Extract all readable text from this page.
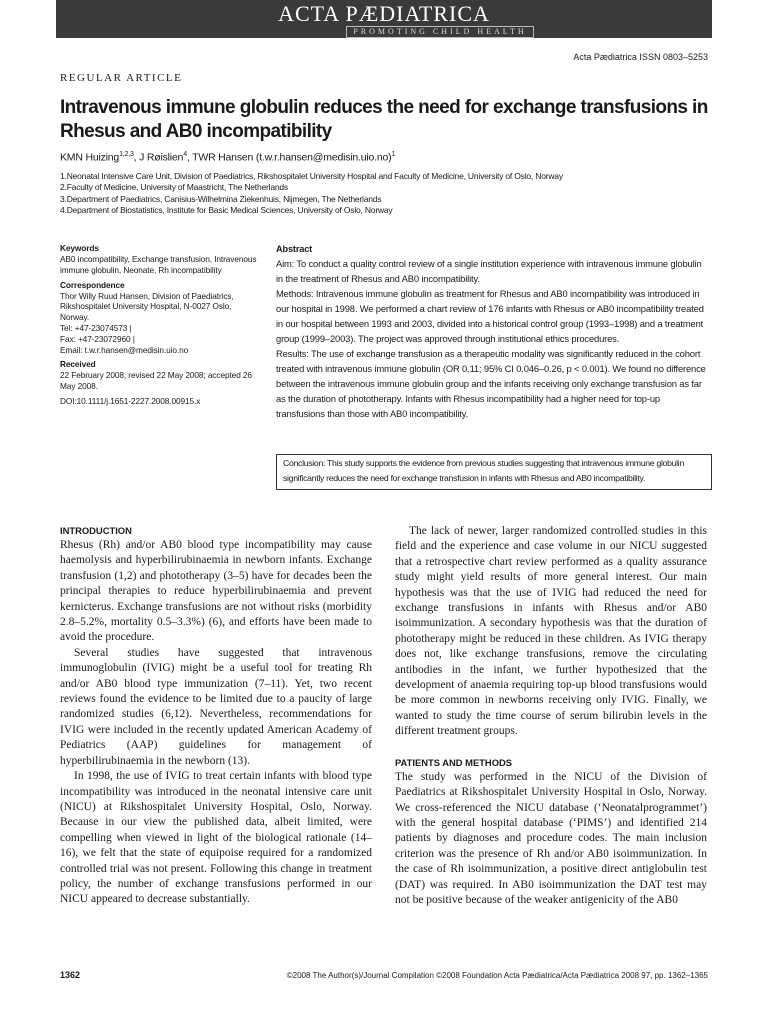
ACTA PÆDIATRICA
PROMOTING CHILD HEALTH
Acta Pædiatrica ISSN 0803–5253
REGULAR ARTICLE
Intravenous immune globulin reduces the need for exchange transfusions in Rhesus and AB0 incompatibility
KMN Huizing$^{1,2,3}$, J Røislien$^4$, TWR Hansen (t.w.r.hansen@medisin.uio.no)$^1$
1.Neonatal Intensive Care Unit, Division of Paediatrics, Rikshospitalet University Hospital and Faculty of Medicine, University of Oslo, Norway
2.Faculty of Medicine, University of Maastricht, The Netherlands
3.Department of Paediatrics, Canisius-Wilhelmina Ziekenhuis, Nijmegen, The Netherlands
4.Department of Biostatistics, Institute for Basic Medical Sciences, University of Oslo, Norway
Keywords

AB0 incompatibility, Exchange transfusion, Intravenous immune globulin, Neonate, Rh incompatibility

Correspondence
Thor Willy Ruud Hansen, Division of Paediatrics, Rikshospitalet University Hospital, N-0027 Oslo, Norway.
Tel: +47-23074573 |
Fax: +47-23072960 |

Email: t.w.r.hansen@medisin.uio.no

Received

22 February 2008; revised 22 May 2008; accepted 26 May 2008.

DOI:10.1111/j.1651-2227.2008.00915.x

Abstract

Aim: To conduct a quality control review of a single institution experience with intravenous immune globulin in the treatment of Rhesus and AB0 incompatibility.

Methods: Intravenous immune globulin as treatment for Rhesus and AB0 incompatibility was introduced in our hospital in 1998. We performed a chart review of 176 infants with Rhesus or AB0 incompatibility treated in our hospital between 1993 and 2003, divided into a historical control group (1993–1998) and a treatment group (1999–2003). The project was approved through institutional ethics procedures.

Results: The use of exchange transfusion as a therapeutic modality was significantly reduced in the cohort treated with intravenous immune globulin (OR 0.11; 95% CI 0.046–0.26, p < 0.001). We found no difference between the intravenous immune globulin group and the infants receiving only exchange transfusion as far as the duration of phototherapy. Infants with Rhesus incompatibility had a higher need for top-up transfusions than those with AB0 incompatibility.

Conclusion: This study supports the evidence from previous studies suggesting that intravenous immune globulin significantly reduces the need for exchange transfusion in infants with Rhesus and AB0 incompatibility.
INTRODUCTION

Rhesus (Rh) and/or AB0 blood type incompatibility may cause haemolysis and hyperbilirubinaemia in newborn infants. Exchange transfusion (1,2) and phototherapy (3–5) have for decades been the principal therapies to reduce hyperbilirubinaemia and prevent kernicterus. Exchange transfusions are not without risks (morbidity 2.8–5.2%, mortality 0.5–3.3%) (6), and efforts have been made to avoid the procedure.

Several studies have suggested that intravenous immunoglobulin (IVIG) might be a useful tool for treating Rh and/or AB0 blood type immunization (7–11). Yet, two recent reviews found the evidence to be limited due to a paucity of large randomized studies (6,12). Nevertheless, recommendations for IVIG were included in the recently updated American Academy of Pediatrics (AAP) guidelines for management of hyperbilirubinaemia in the newborn (13).

In 1998, the use of IVIG to treat certain infants with blood type incompatibility was introduced in the neonatal intensive care unit (NICU) at Rikshospitalet University Hospital, Oslo, Norway. Because in our view the published data, albeit limited, were compelling when viewed in light of the biological rationale (14–16), we felt that the state of equipoise required for a randomized controlled trial was not present. Following this change in treatment policy, the number of exchange transfusions performed in our NICU appeared to decrease substantially.

The lack of newer, larger randomized controlled studies in this field and the experience and case volume in our NICU suggested that a retrospective chart review performed as a quality assurance study might yield results of more general interest. Our main hypothesis was that the use of IVIG had reduced the need for exchange transfusions in infants with Rhesus and/or AB0 isoimmunization. A secondary hypothesis was that the duration of phototherapy might be reduced in these children. As IVIG therapy does not, like exchange transfusions, remove the circulating antibodies in the infant, we further hypothesized that the development of anaemia requiring top-up blood transfusions would be more common in newborns receiving only IVIG. Finally, we wanted to study the time course of serum bilirubin levels in the different treatment groups.

PATIENTS AND METHODS

The study was performed in the NICU of the Division of Paediatrics at Rikshospitalet University Hospital in Oslo, Norway. We cross-referenced the NICU database (‘Neonatalprogrammet’) with the general hospital database (‘PIMS’) and identified 214 patients by diagnoses and procedure codes. The main inclusion criterion was the presence of Rh and/or AB0 isoimmunization. In the case of Rh isoimmunization, a positive direct antiglobulin test (DAT) was required. In AB0 isoimmunization the DAT test may not be positive because of the weaker antigenicity of the AB0

1362	©2008 The Author(s)/Journal Compilation ©2008 Foundation Acta Pædiatrica/Acta Pædiatrica 2008 97, pp. 1362–1365
